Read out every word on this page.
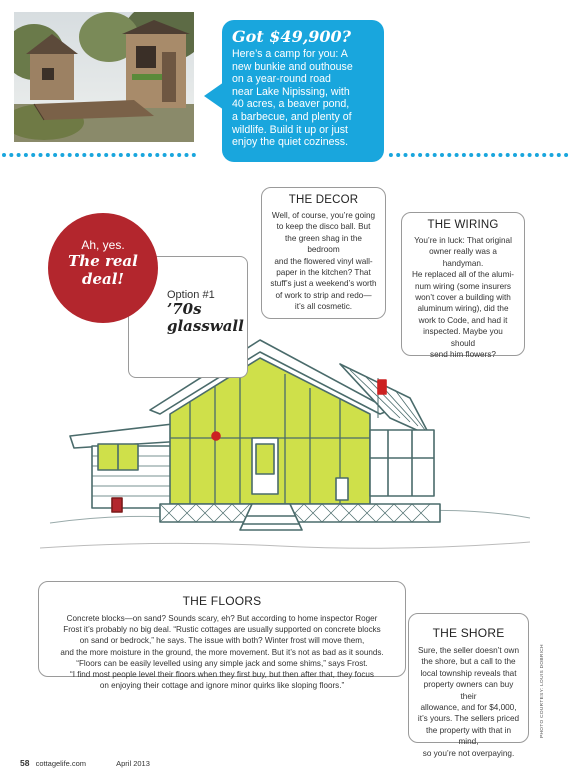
Got $49,900?
Here’s a camp for you: A
new bunkie and outhouse
on a year-round road
near Lake Nipissing, with
40 acres, a beaver pond,
a barbecue, and plenty of
wildlife. Build it up or just
enjoy the quiet coziness.
Ah, yes.
The real
deal!
Option #1
’70s
glasswall
THE DECOR
Well, of course, you’re going
to keep the disco ball. But
the green shag in the bedroom
and the flowered vinyl wall-
paper in the kitchen? That
stuff’s just a weekend’s worth
of work to strip and redo—
it’s all cosmetic.
THE WIRING
You’re in luck: That original
owner really was a handyman.
He replaced all of the alumi-
num wiring (some insurers
won’t cover a building with
aluminum wiring), did the
work to Code, and had it
inspected. Maybe you should
send him flowers?
THE FLOORS
Concrete blocks—on sand? Sounds scary, eh? But according to home inspector Roger
Frost it’s probably no big deal. “Rustic cottages are usually supported on concrete blocks
on sand or bedrock,” he says. The issue with both? Winter frost will move them,
and the more moisture in the ground, the more movement. But it’s not as bad as it sounds.
“Floors can be easily levelled using any simple jack and some shims,” says Frost.
“I find most people level their floors when they first buy, but then after that, they focus
on enjoying their cottage and ignore minor quirks like sloping floors.”
THE SHORE
Sure, the seller doesn’t own
the shore, but a call to the
local township reveals that
property owners can buy their
allowance, and for $4,000,
it’s yours. The sellers priced
the property with that in mind,
so you’re not overpaying.
PHOTO COURTESY: LOUIS DOBRICH
58 cottagelife.com	April 2013
